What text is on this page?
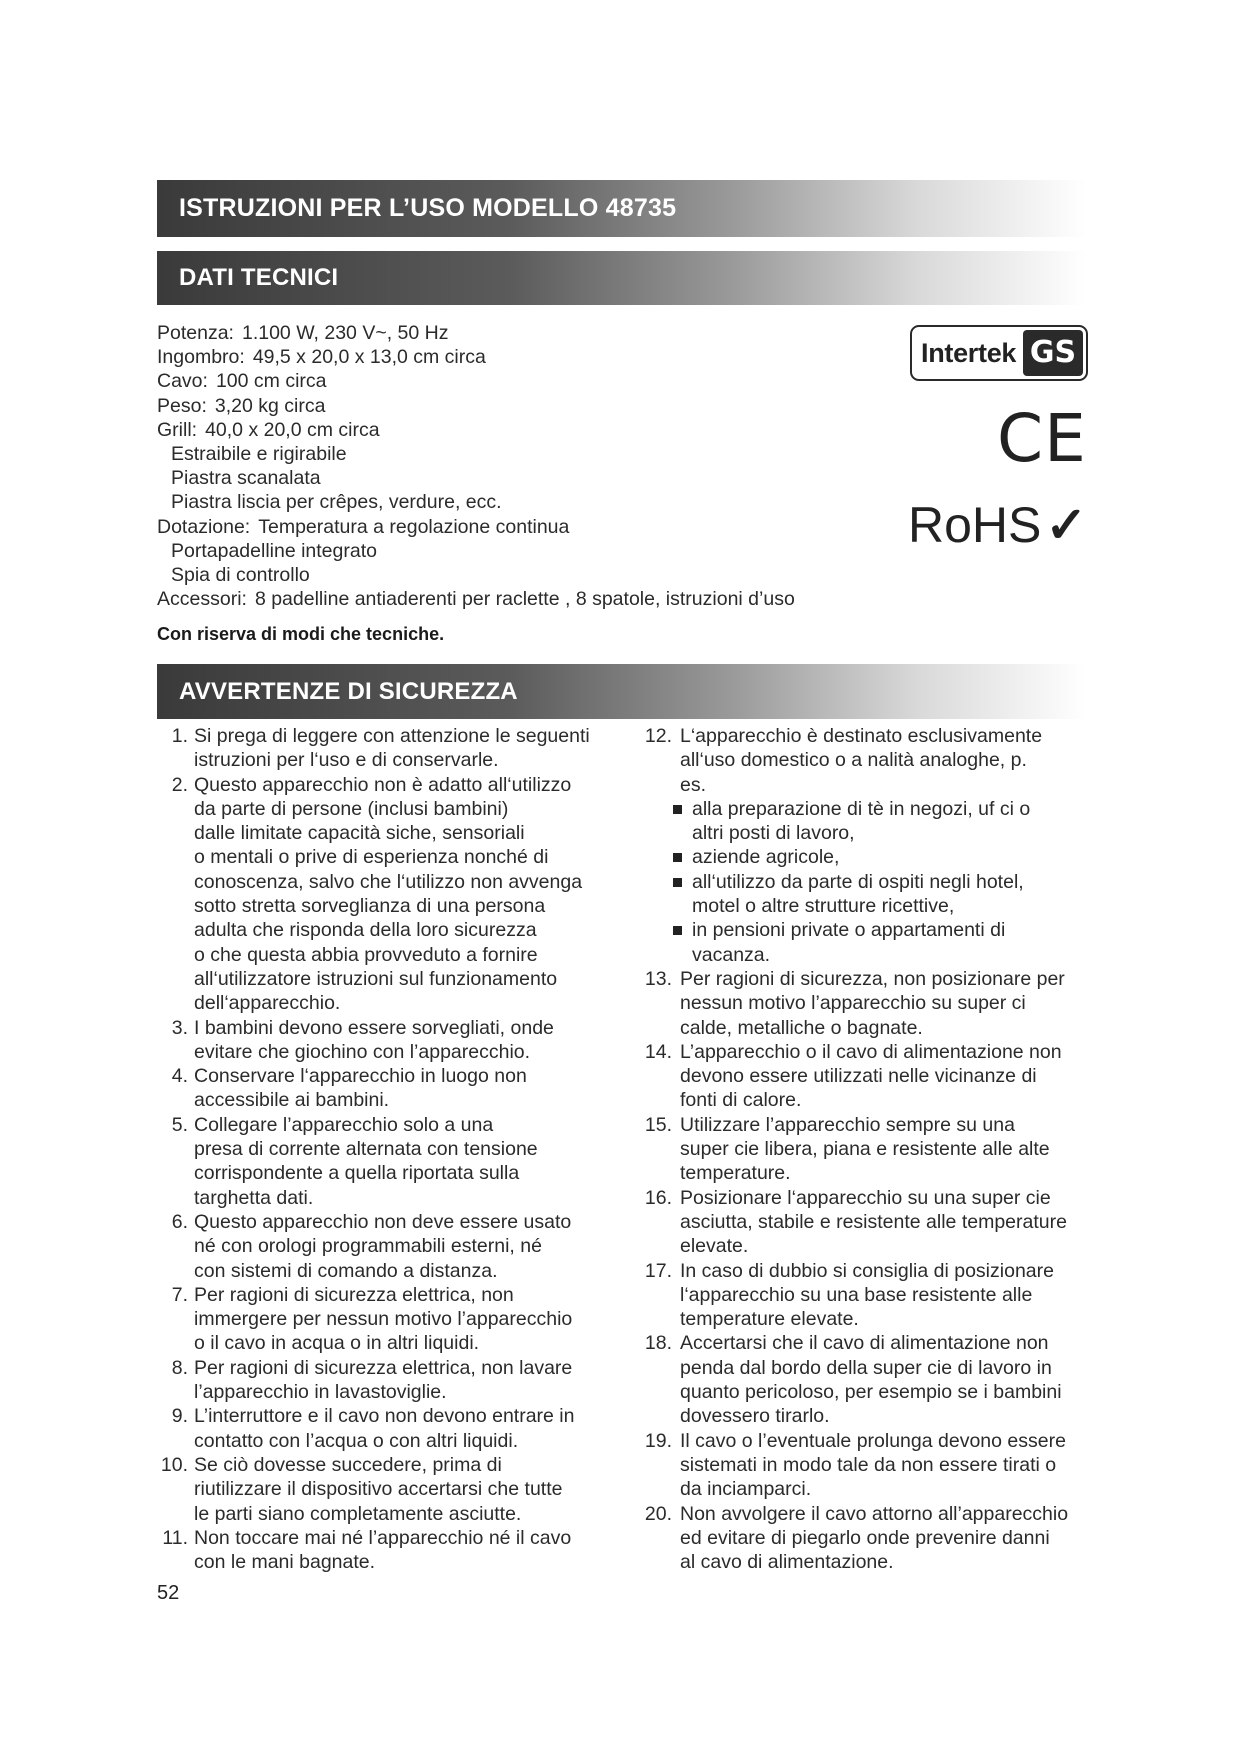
ISTRUZIONI PER L’USO MODELLO 48735
DATI TECNICI
Potenza: 1.100 W, 230 V~, 50 Hz
Ingombro: 49,5 x 20,0 x 13,0 cm circa
Cavo: 100 cm circa
Peso: 3,20 kg circa
Grill: 40,0 x 20,0 cm circa
Estraibile e rigirabile
Piastra scanalata
Piastra liscia per crêpes, verdure, ecc.
Dotazione: Temperatura a regolazione continua
Portapadelline integrato
Spia di controllo
Accessori: 8 padelline antiaderenti per raclette , 8 spatole, istruzioni d’uso
Con riserva di modi che tecniche.
Intertek GS
CE
RoHS✓
AVVERTENZE DI SICUREZZA
1. Si prega di leggere con attenzione le seguenti
istruzioni per l‘uso e di conservarle.
2. Questo apparecchio non è adatto all‘utilizzo
da parte di persone (inclusi bambini)
dalle limitate capacità siche, sensoriali
o mentali o prive di esperienza nonché di
conoscenza, salvo che l‘utilizzo non avvenga
sotto stretta sorveglianza di una persona
adulta che risponda della loro sicurezza
o che questa abbia provveduto a fornire
all‘utilizzatore istruzioni sul funzionamento
dell‘apparecchio.
3. I bambini devono essere sorvegliati, onde
evitare che giochino con l’apparecchio.
4. Conservare l‘apparecchio in luogo non
accessibile ai bambini.
5. Collegare l’apparecchio solo a una
presa di corrente alternata con tensione
corrispondente a quella riportata sulla
targhetta dati.
6. Questo apparecchio non deve essere usato
né con orologi programmabili esterni, né
con sistemi di comando a distanza.
7. Per ragioni di sicurezza elettrica, non
immergere per nessun motivo l’apparecchio
o il cavo in acqua o in altri liquidi.
8. Per ragioni di sicurezza elettrica, non lavare
l’apparecchio in lavastoviglie.
9. L’interruttore e il cavo non devono entrare in
contatto con l’acqua o con altri liquidi.
10. Se ciò dovesse succedere, prima di
riutilizzare il dispositivo accertarsi che tutte
le parti siano completamente asciutte.
11. Non toccare mai né l’apparecchio né il cavo
con le mani bagnate.
12. L‘apparecchio è destinato esclusivamente
all‘uso domestico o a nalità analoghe, p.
es.
alla preparazione di tè in negozi, uf ci o
altri posti di lavoro,
aziende agricole,
all‘utilizzo da parte di ospiti negli hotel,
motel o altre strutture ricettive,
in pensioni private o appartamenti di
vacanza.
13. Per ragioni di sicurezza, non posizionare per
nessun motivo l’apparecchio su super ci
calde, metalliche o bagnate.
14. L’apparecchio o il cavo di alimentazione non
devono essere utilizzati nelle vicinanze di
fonti di calore.
15. Utilizzare l’apparecchio sempre su una
super cie libera, piana e resistente alle alte
temperature.
16. Posizionare l‘apparecchio su una super cie
asciutta, stabile e resistente alle temperature
elevate.
17. In caso di dubbio si consiglia di posizionare
l‘apparecchio su una base resistente alle
temperature elevate.
18. Accertarsi che il cavo di alimentazione non
penda dal bordo della super cie di lavoro in
quanto pericoloso, per esempio se i bambini
dovessero tirarlo.
19. Il cavo o l’eventuale prolunga devono essere
sistemati in modo tale da non essere tirati o
da inciamparci.
20. Non avvolgere il cavo attorno all’apparecchio
ed evitare di piegarlo onde prevenire danni
al cavo di alimentazione.
52
